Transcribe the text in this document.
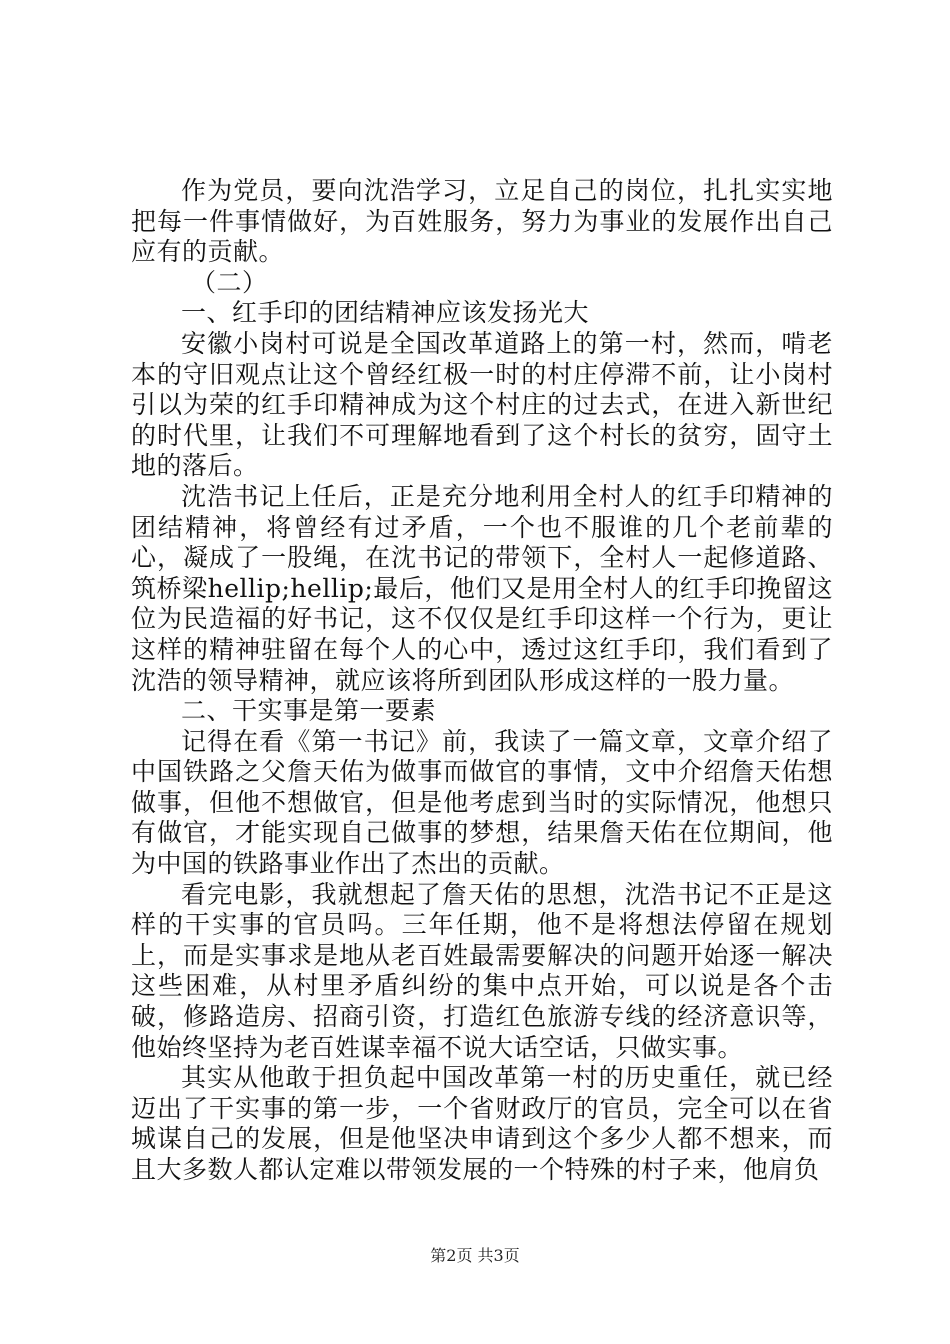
作为党员，要向沈浩学习，立足自己的岗位，扎扎实实地把每一件事情做好，为百姓服务，努力为事业的发展作出自己应有的贡献。

（二）

一、红手印的团结精神应该发扬光大

安徽小岗村可说是全国改革道路上的第一村，然而，啃老本的守旧观点让这个曾经红极一时的村庄停滞不前，让小岗村引以为荣的红手印精神成为这个村庄的过去式，在进入新世纪的时代里，让我们不可理解地看到了这个村长的贫穷，固守土地的落后。

沈浩书记上任后，正是充分地利用全村人的红手印精神的团结精神，将曾经有过矛盾，一个也不服谁的几个老前辈的心，凝成了一股绳，在沈书记的带领下，全村人一起修道路、筑桥梁hellip;hellip;最后，他们又是用全村人的红手印挽留这位为民造福的好书记，这不仅仅是红手印这样一个行为，更让这样的精神驻留在每个人的心中，透过这红手印，我们看到了沈浩的领导精神，就应该将所到团队形成这样的一股力量。

二、干实事是第一要素

记得在看《第一书记》前，我读了一篇文章，文章介绍了中国铁路之父詹天佑为做事而做官的事情，文中介绍詹天佑想做事，但他不想做官，但是他考虑到当时的实际情况，他想只有做官，才能实现自己做事的梦想，结果詹天佑在位期间，他为中国的铁路事业作出了杰出的贡献。

看完电影，我就想起了詹天佑的思想，沈浩书记不正是这样的干实事的官员吗。三年任期，他不是将想法停留在规划上，而是实事求是地从老百姓最需要解决的问题开始逐一解决这些困难，从村里矛盾纠纷的集中点开始，可以说是各个击破，修路造房、招商引资，打造红色旅游专线的经济意识等，他始终坚持为老百姓谋幸福不说大话空话，只做实事。

其实从他敢于担负起中国改革第一村的历史重任，就已经迈出了干实事的第一步，一个省财政厅的官员，完全可以在省城谋自己的发展，但是他坚决申请到这个多少人都不想来，而且大多数人都认定难以带领发展的一个特殊的村子来，他肩负

第2页 共3页
